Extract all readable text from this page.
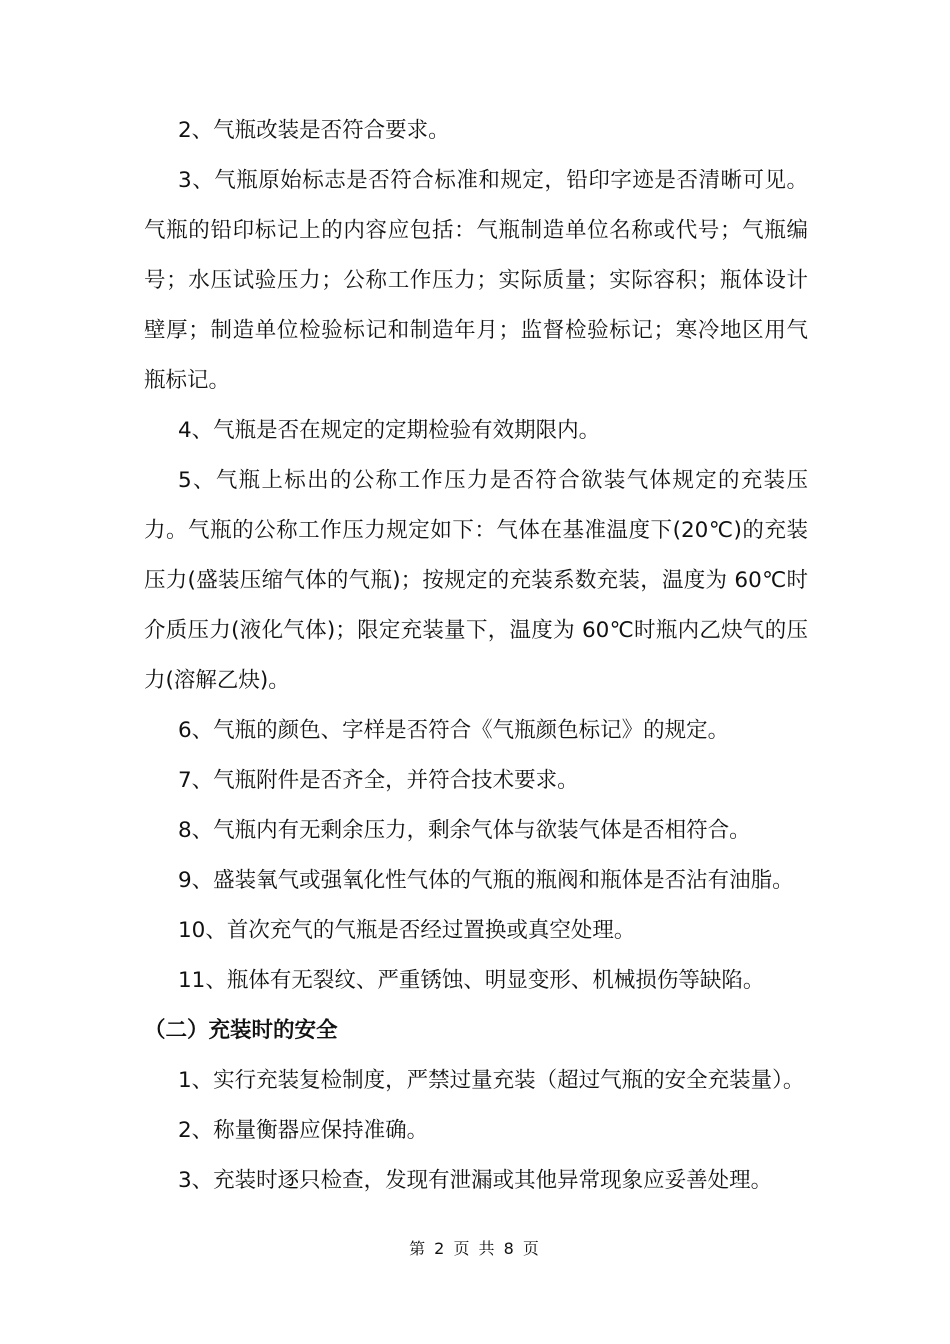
2、气瓶改装是否符合要求。

3、气瓶原始标志是否符合标准和规定，铅印字迹是否清晰可见。气瓶的铅印标记上的内容应包括：气瓶制造单位名称或代号；气瓶编号；水压试验压力；公称工作压力；实际质量；实际容积；瓶体设计壁厚；制造单位检验标记和制造年月；监督检验标记；寒冷地区用气瓶标记。

4、气瓶是否在规定的定期检验有效期限内。

5、气瓶上标出的公称工作压力是否符合欲装气体规定的充装压力。气瓶的公称工作压力规定如下：气体在基准温度下(20℃)的充装压力(盛装压缩气体的气瓶)；按规定的充装系数充装，温度为 60℃时介质压力(液化气体)；限定充装量下，温度为 60℃时瓶内乙炔气的压力(溶解乙炔)。

6、气瓶的颜色、字样是否符合《气瓶颜色标记》的规定。

7、气瓶附件是否齐全，并符合技术要求。

8、气瓶内有无剩余压力，剩余气体与欲装气体是否相符合。

9、盛装氧气或强氧化性气体的气瓶的瓶阀和瓶体是否沾有油脂。

10、首次充气的气瓶是否经过置换或真空处理。

11、瓶体有无裂纹、严重锈蚀、明显变形、机械损伤等缺陷。

（二）充装时的安全

1、实行充装复检制度，严禁过量充装（超过气瓶的安全充装量）。

2、称量衡器应保持准确。

3、充装时逐只检查，发现有泄漏或其他异常现象应妥善处理。

第 2 页 共 8 页
